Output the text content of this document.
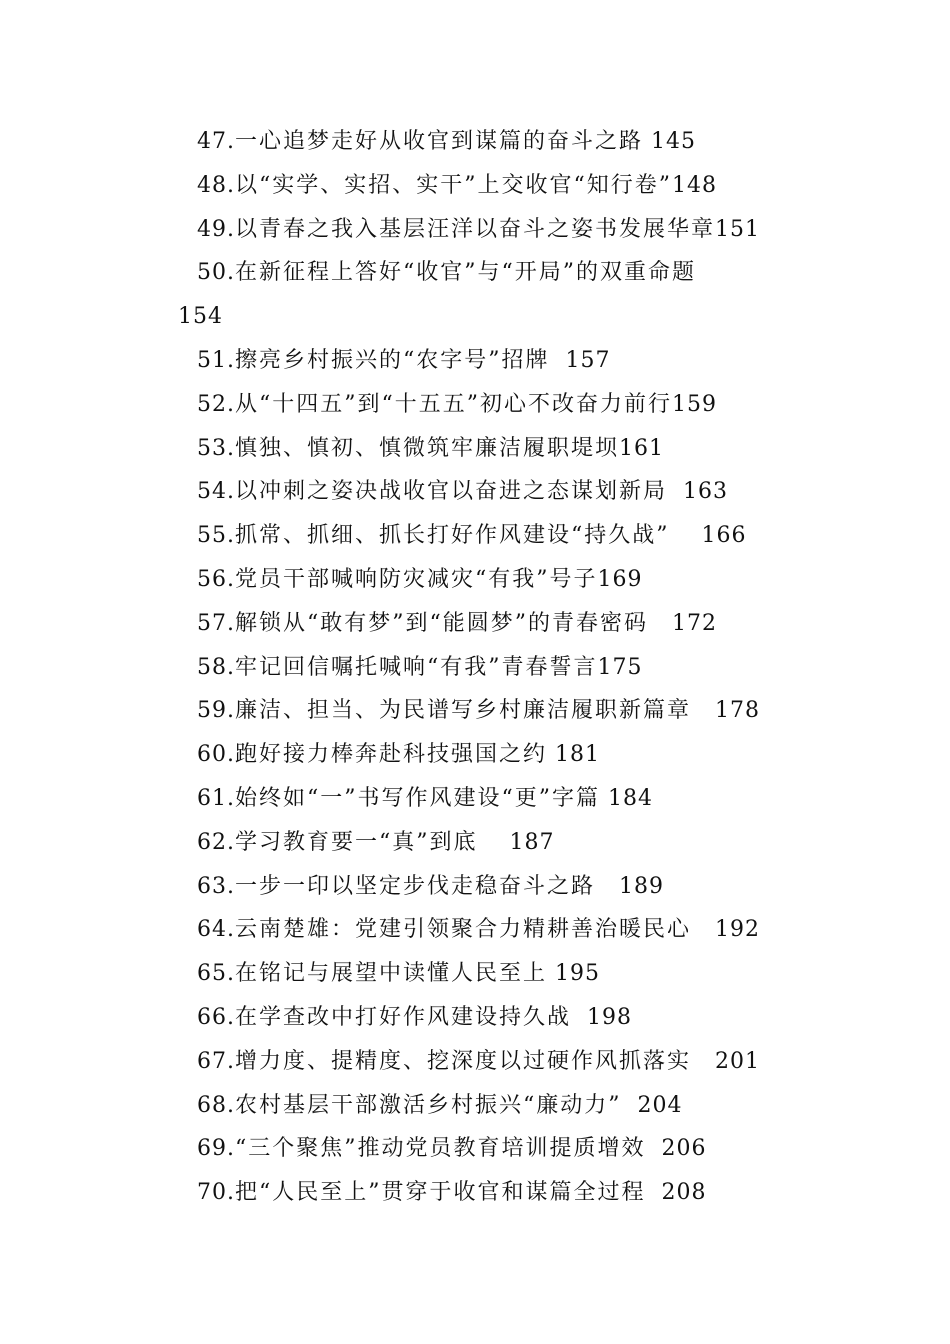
47.一心追梦走好从收官到谋篇的奋斗之路 145
48.以“实学、实招、实干”上交收官“知行卷”148
49.以青春之我入基层汪洋以奋斗之姿书发展华章151
50.在新征程上答好“收官”与“开局”的双重命题
154
51.擦亮乡村振兴的“农字号”招牌  157
52.从“十四五”到“十五五”初心不改奋力前行159
53.慎独、慎初、慎微筑牢廉洁履职堤坝161
54.以冲刺之姿决战收官以奋进之态谋划新局  163
55.抓常、抓细、抓长打好作风建设“持久战”    166
56.党员干部喊响防灾减灾“有我”号子169
57.解锁从“敢有梦”到“能圆梦”的青春密码   172
58.牢记回信嘱托喊响“有我”青春誓言175
59.廉洁、担当、为民谱写乡村廉洁履职新篇章   178
60.跑好接力棒奔赴科技强国之约 181
61.始终如“一”书写作风建设“更”字篇 184
62.学习教育要一“真”到底    187
63.一步一印以坚定步伐走稳奋斗之路   189
64.云南楚雄：党建引领聚合力精耕善治暖民心   192
65.在铭记与展望中读懂人民至上 195
66.在学查改中打好作风建设持久战  198
67.增力度、提精度、挖深度以过硬作风抓落实   201
68.农村基层干部激活乡村振兴“廉动力”  204
69.“三个聚焦”推动党员教育培训提质增效  206
70.把“人民至上”贯穿于收官和谋篇全过程  208
